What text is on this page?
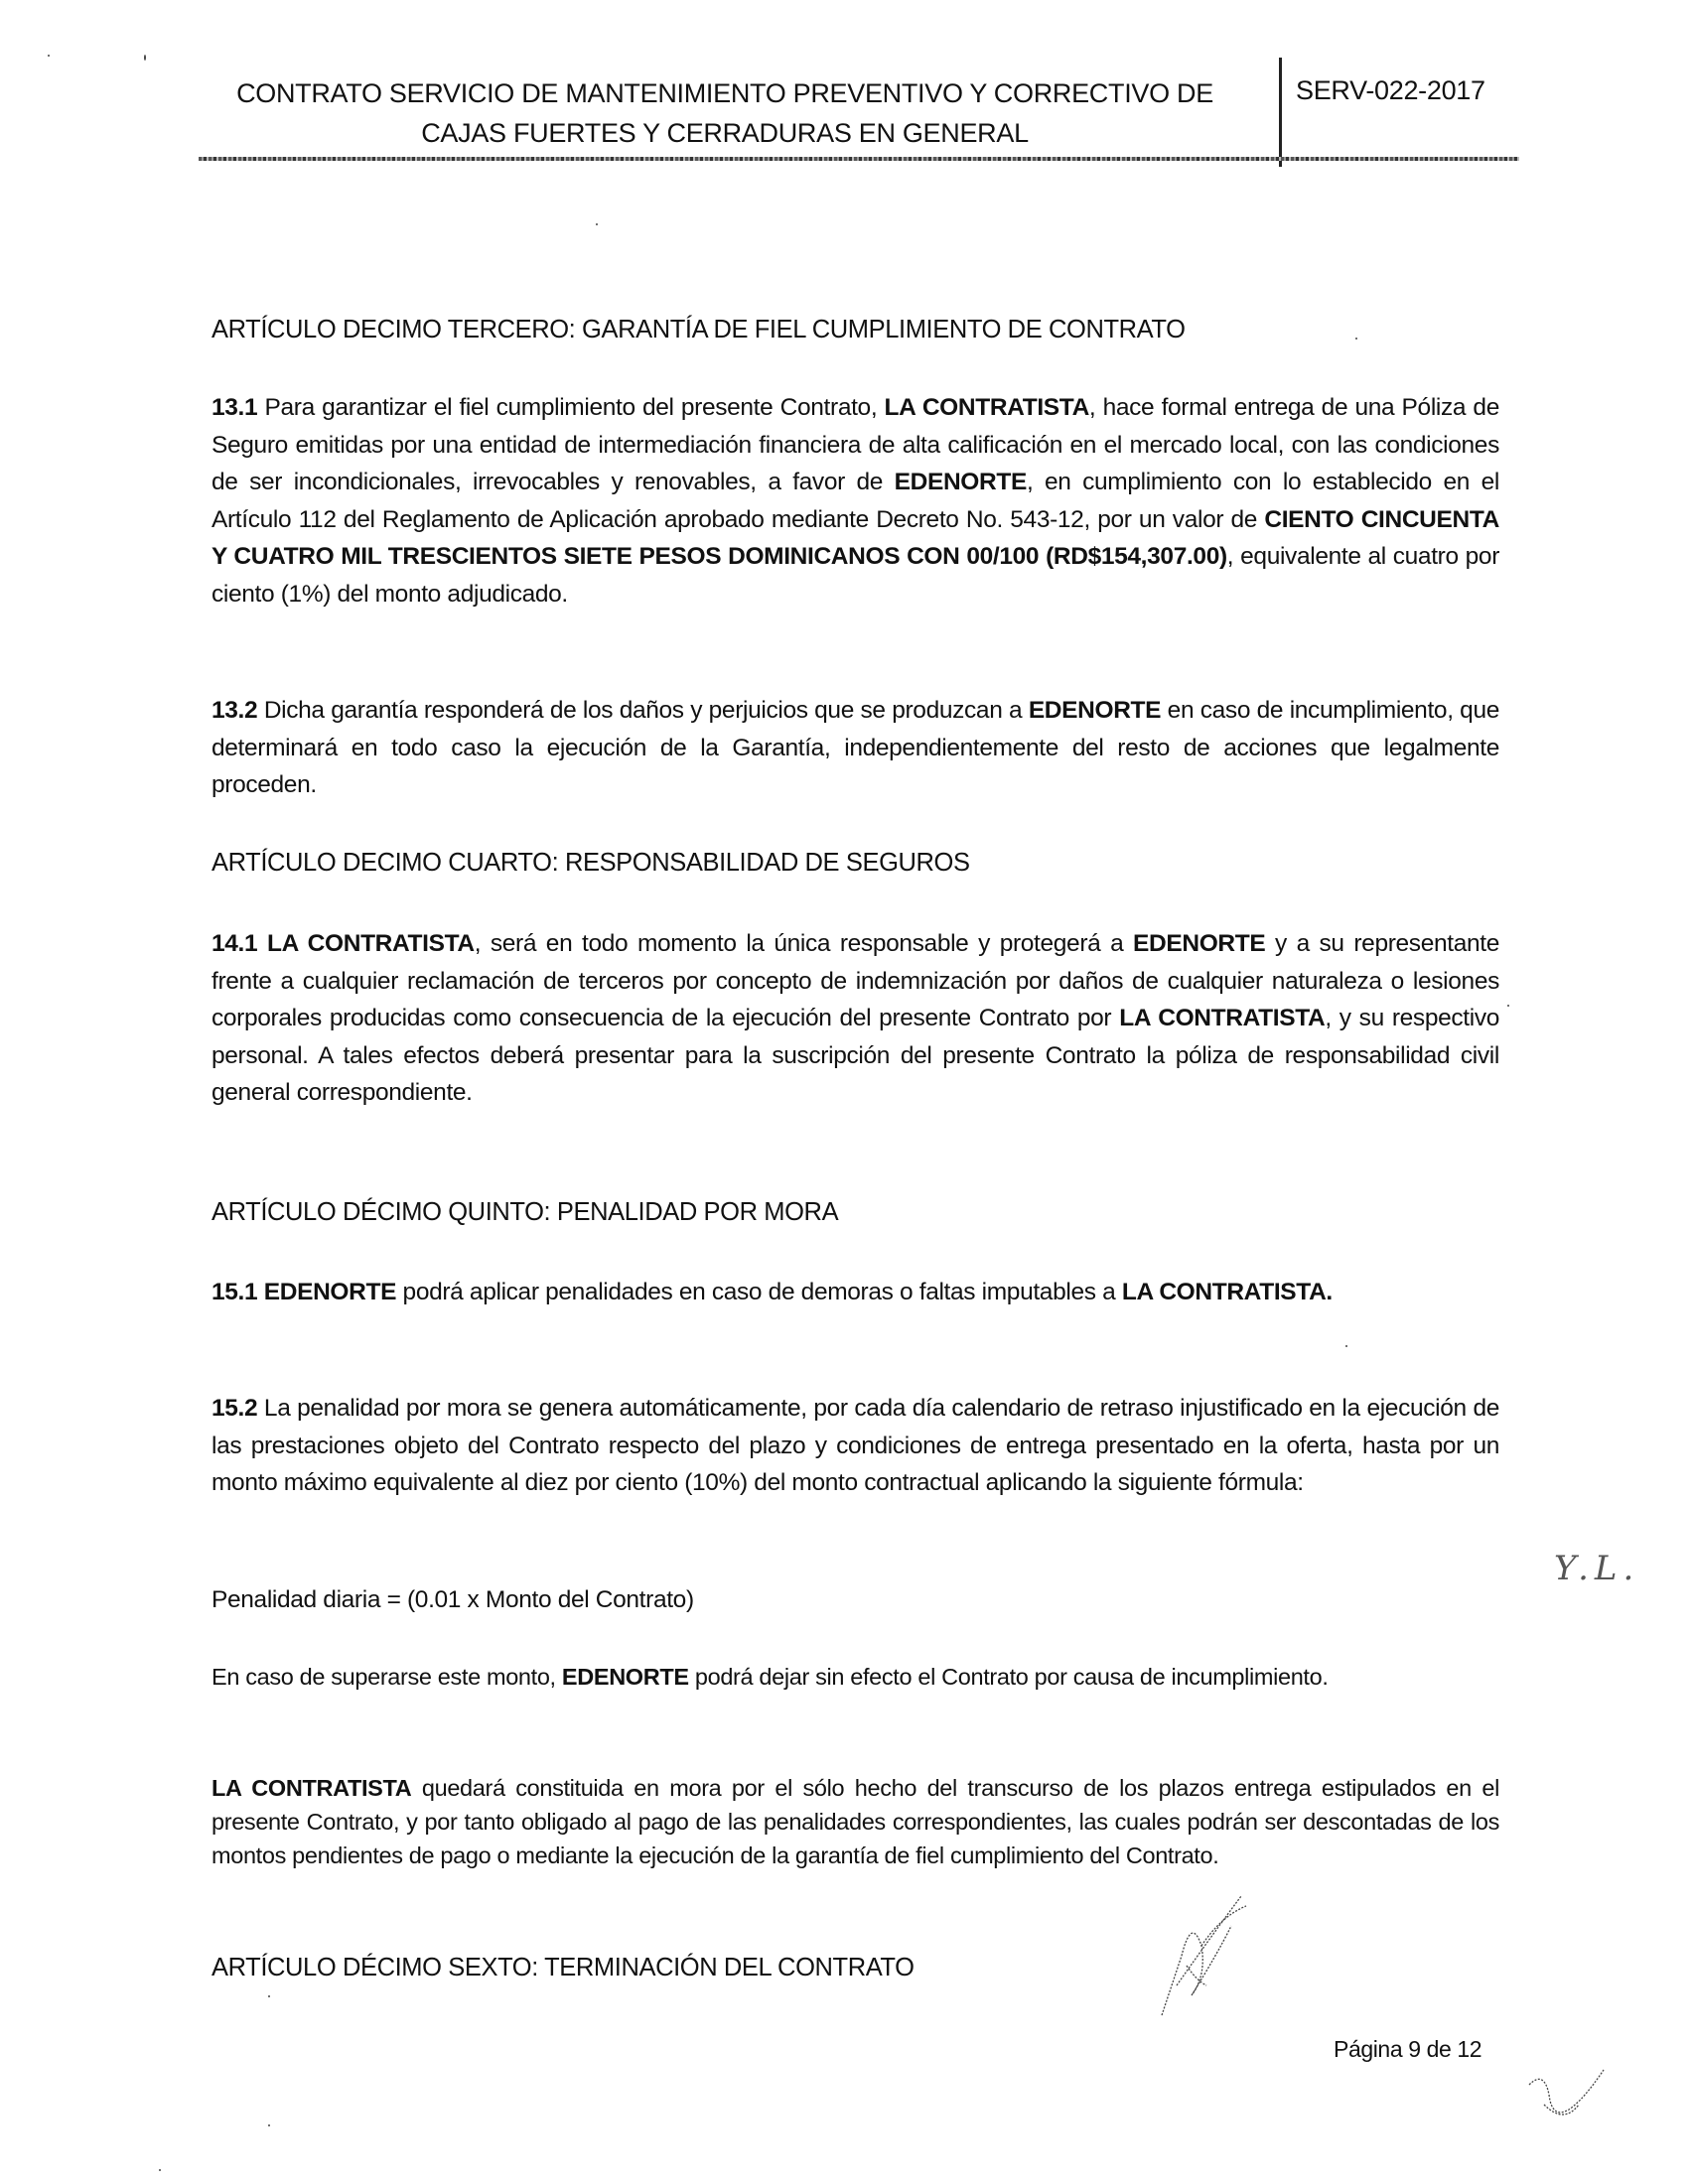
CONTRATO SERVICIO DE MANTENIMIENTO PREVENTIVO Y CORRECTIVO DE
CAJAS FUERTES Y CERRADURAS EN GENERAL
SERV-022-2017
ARTÍCULO DECIMO TERCERO: GARANTÍA DE FIEL CUMPLIMIENTO DE CONTRATO
13.1 Para garantizar el fiel cumplimiento del presente Contrato, LA CONTRATISTA, hace formal entrega de una Póliza de Seguro emitidas por una entidad de intermediación financiera de alta calificación en el mercado local, con las condiciones de ser incondicionales, irrevocables y renovables, a favor de EDENORTE, en cumplimiento con lo establecido en el Artículo 112 del Reglamento de Aplicación aprobado mediante Decreto No. 543-12, por un valor de CIENTO CINCUENTA Y CUATRO MIL TRESCIENTOS SIETE PESOS DOMINICANOS CON 00/100 (RD$154,307.00), equivalente al cuatro por ciento (1%) del monto adjudicado.
13.2 Dicha garantía responderá de los daños y perjuicios que se produzcan a EDENORTE en caso de incumplimiento, que determinará en todo caso la ejecución de la Garantía, independientemente del resto de acciones que legalmente proceden.
ARTÍCULO DECIMO CUARTO: RESPONSABILIDAD DE SEGUROS
14.1 LA CONTRATISTA, será en todo momento la única responsable y protegerá a EDENORTE y a su representante frente a cualquier reclamación de terceros por concepto de indemnización por daños de cualquier naturaleza o lesiones corporales producidas como consecuencia de la ejecución del presente Contrato por LA CONTRATISTA, y su respectivo personal. A tales efectos deberá presentar para la suscripción del presente Contrato la póliza de responsabilidad civil general correspondiente.
ARTÍCULO DÉCIMO QUINTO: PENALIDAD POR MORA
15.1 EDENORTE podrá aplicar penalidades en caso de demoras o faltas imputables a LA CONTRATISTA.
15.2 La penalidad por mora se genera automáticamente, por cada día calendario de retraso injustificado en la ejecución de las prestaciones objeto del Contrato respecto del plazo y condiciones de entrega presentado en la oferta, hasta por un monto máximo equivalente al diez por ciento (10%) del monto contractual aplicando la siguiente fórmula:
Penalidad diaria = (0.01 x Monto del Contrato)
En caso de superarse este monto, EDENORTE podrá dejar sin efecto el Contrato por causa de incumplimiento.
LA CONTRATISTA quedará constituida en mora por el sólo hecho del transcurso de los plazos entrega estipulados en el presente Contrato, y por tanto obligado al pago de las penalidades correspondientes, las cuales podrán ser descontadas de los montos pendientes de pago o mediante la ejecución de la garantía de fiel cumplimiento del Contrato.
ARTÍCULO DÉCIMO SEXTO: TERMINACIÓN DEL CONTRATO
Página 9 de 12
Y.L.
